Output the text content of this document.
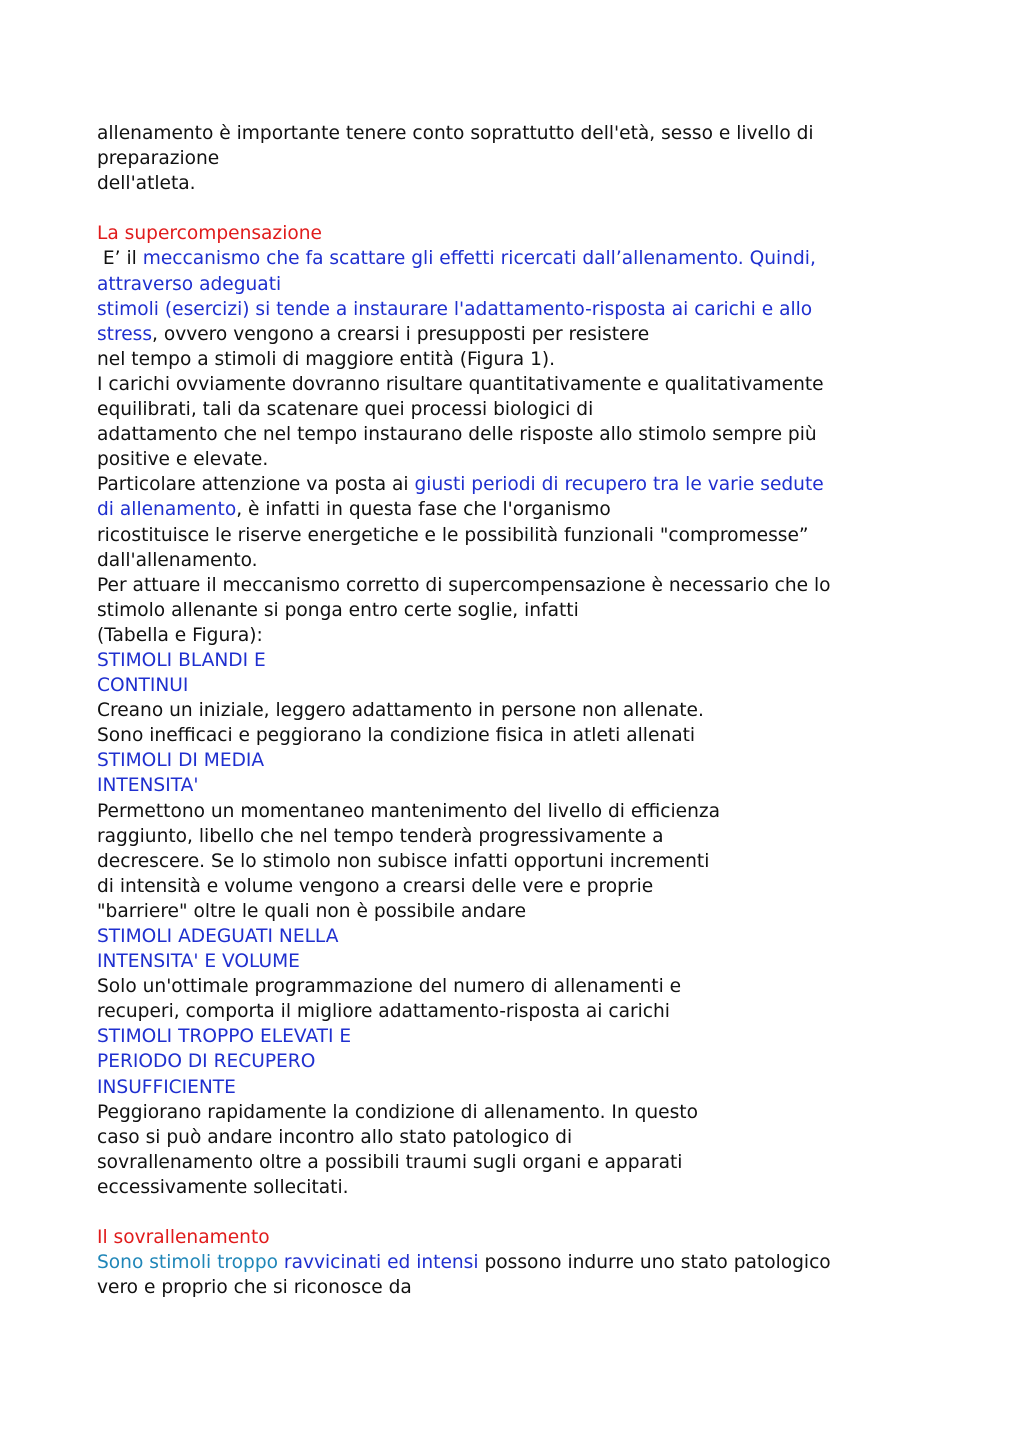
allenamento è importante tenere conto soprattutto dell'età, sesso e livello di
preparazione
dell'atleta.
La supercompensazione
E’ il meccanismo che fa scattare gli effetti ricercati dall’allenamento. Quindi,
attraverso adeguati
stimoli (esercizi) si tende a instaurare l'adattamento-risposta ai carichi e allo
stress, ovvero vengono a crearsi i presupposti per resistere
nel tempo a stimoli di maggiore entità (Figura 1).
I carichi ovviamente dovranno risultare quantitativamente e qualitativamente
equilibrati, tali da scatenare quei processi biologici di
adattamento che nel tempo instaurano delle risposte allo stimolo sempre più
positive e elevate.
Particolare attenzione va posta ai giusti periodi di recupero tra le varie sedute
di allenamento, è infatti in questa fase che l'organismo
ricostituisce le riserve energetiche e le possibilità funzionali "compromesse”
dall'allenamento.
Per attuare il meccanismo corretto di supercompensazione è necessario che lo
stimolo allenante si ponga entro certe soglie, infatti
(Tabella e Figura):
STIMOLI BLANDI E
CONTINUI
Creano un iniziale, leggero adattamento in persone non allenate.
Sono inefficaci e peggiorano la condizione fisica in atleti allenati
STIMOLI DI MEDIA
INTENSITA'
Permettono un momentaneo mantenimento del livello di efficienza
raggiunto, libello che nel tempo tenderà progressivamente a
decrescere. Se lo stimolo non subisce infatti opportuni incrementi
di intensità e volume vengono a crearsi delle vere e proprie
"barriere" oltre le quali non è possibile andare
STIMOLI ADEGUATI NELLA
INTENSITA' E VOLUME
Solo un'ottimale programmazione del numero di allenamenti e
recuperi, comporta il migliore adattamento-risposta ai carichi
STIMOLI TROPPO ELEVATI E
PERIODO DI RECUPERO
INSUFFICIENTE
Peggiorano rapidamente la condizione di allenamento. In questo
caso si può andare incontro allo stato patologico di
sovrallenamento oltre a possibili traumi sugli organi e apparati
eccessivamente sollecitati.
Il sovrallenamento
Sono stimoli troppo ravvicinati ed intensi possono indurre uno stato patologico
vero e proprio che si riconosce da
